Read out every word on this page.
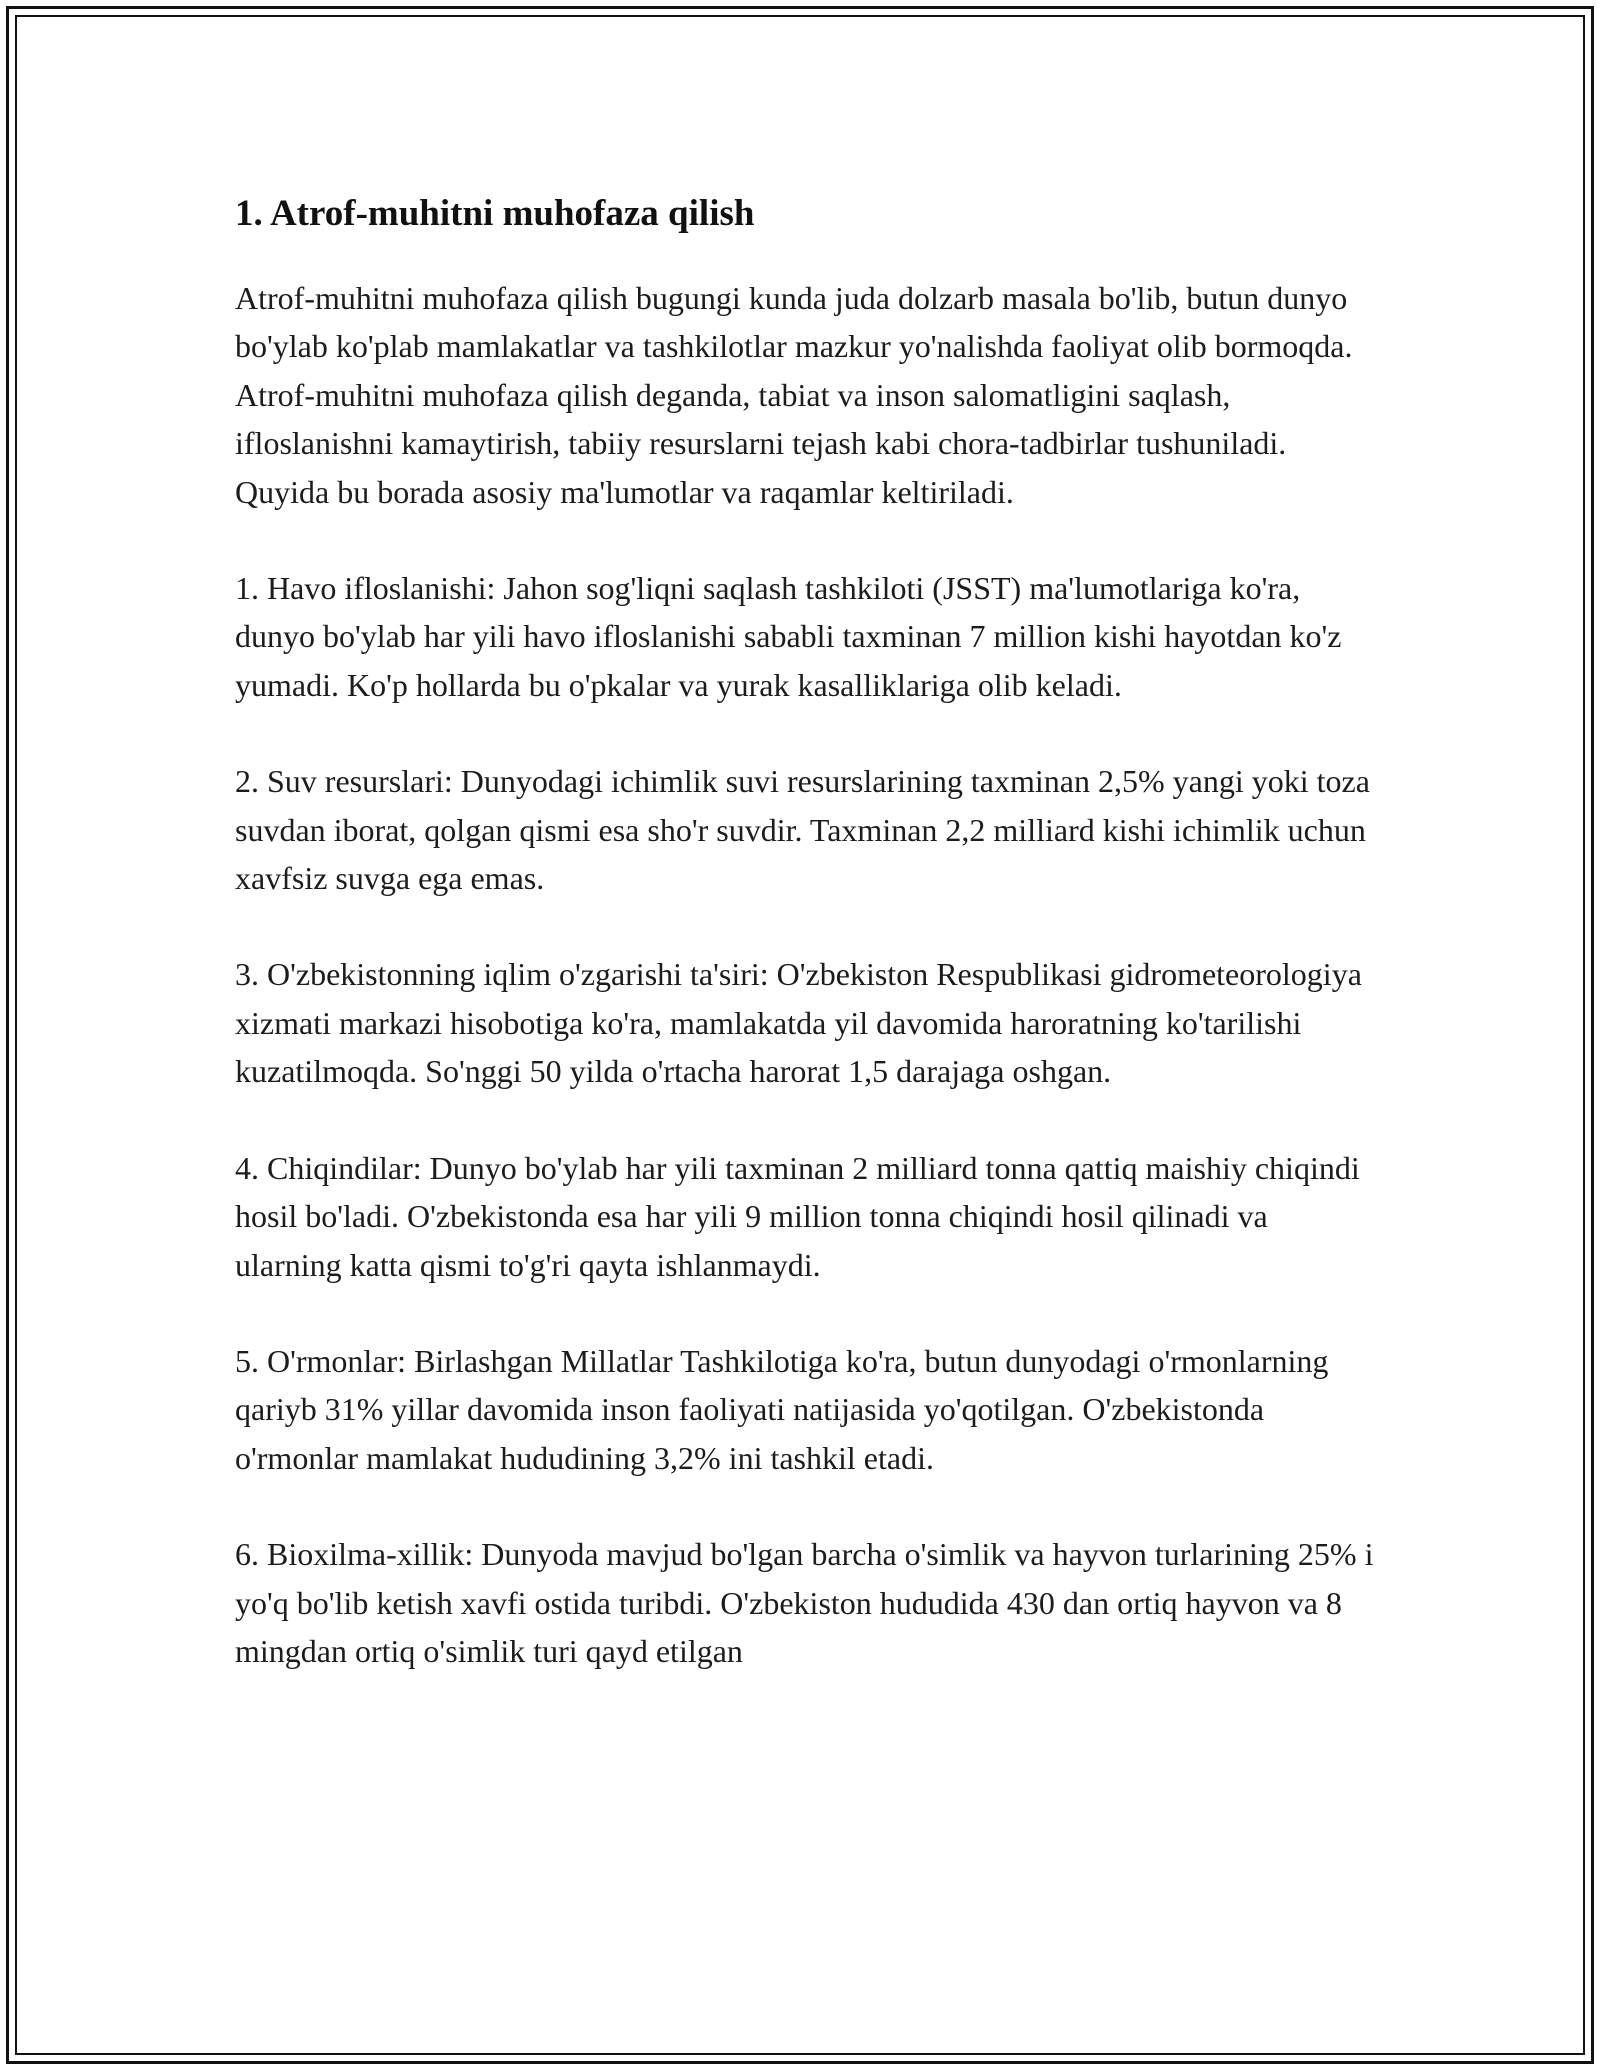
1. Atrof-muhitni muhofaza qilish

Atrof-muhitni muhofaza qilish bugungi kunda juda dolzarb masala bo'lib, butun dunyo bo'ylab ko'plab mamlakatlar va tashkilotlar mazkur yo'nalishda faoliyat olib bormoqda. Atrof-muhitni muhofaza qilish deganda, tabiat va inson salomatligini saqlash, ifloslanishni kamaytirish, tabiiy resurslarni tejash kabi chora-tadbirlar tushuniladi. Quyida bu borada asosiy ma'lumotlar va raqamlar keltiriladi.

1. Havo ifloslanishi: Jahon sog'liqni saqlash tashkiloti (JSST) ma'lumotlariga ko'ra, dunyo bo'ylab har yili havo ifloslanishi sababli taxminan 7 million kishi hayotdan ko'z yumadi. Ko'p hollarda bu o'pkalar va yurak kasalliklariga olib keladi.

2. Suv resurslari: Dunyodagi ichimlik suvi resurslarining taxminan 2,5% yangi yoki toza suvdan iborat, qolgan qismi esa sho'r suvdir. Taxminan 2,2 milliard kishi ichimlik uchun xavfsiz suvga ega emas.

3. O'zbekistonning iqlim o'zgarishi ta'siri: O'zbekiston Respublikasi gidrometeorologiya xizmati markazi hisobotiga ko'ra, mamlakatda yil davomida haroratning ko'tarilishi kuzatilmoqda. So'nggi 50 yilda o'rtacha harorat 1,5 darajaga oshgan.

4. Chiqindilar: Dunyo bo'ylab har yili taxminan 2 milliard tonna qattiq maishiy chiqindi hosil bo'ladi. O'zbekistonda esa har yili 9 million tonna chiqindi hosil qilinadi va ularning katta qismi to'g'ri qayta ishlanmaydi.

5. O'rmonlar: Birlashgan Millatlar Tashkilotiga ko'ra, butun dunyodagi o'rmonlarning qariyb 31% yillar davomida inson faoliyati natijasida yo'qotilgan. O'zbekistonda o'rmonlar mamlakat hududining 3,2% ini tashkil etadi.

6. Bioxilma-xillik: Dunyoda mavjud bo'lgan barcha o'simlik va hayvon turlarining 25% i yo'q bo'lib ketish xavfi ostida turibdi. O'zbekiston hududida 430 dan ortiq hayvon va 8 mingdan ortiq o'simlik turi qayd etilgan
